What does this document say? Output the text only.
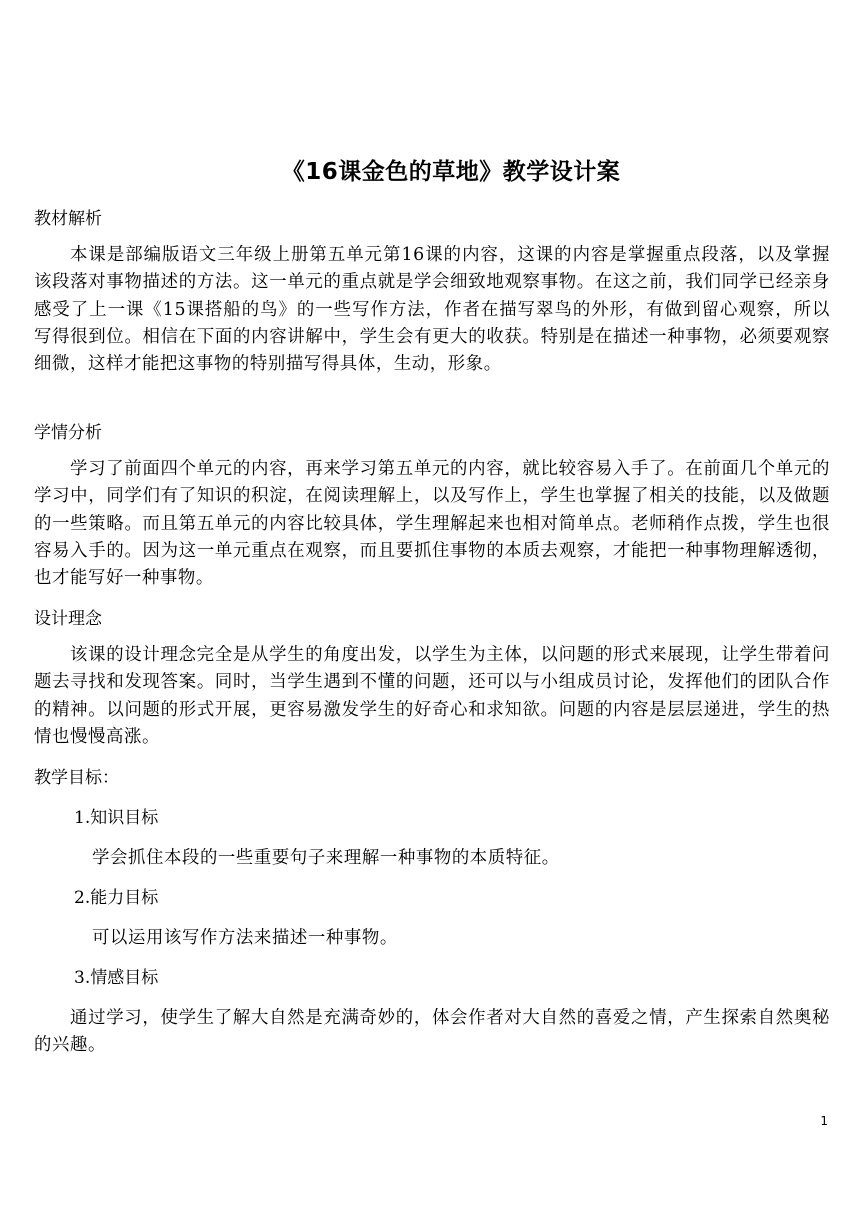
《16课金色的草地》教学设计案

教材解析

本课是部编版语文三年级上册第五单元第16课的内容，这课的内容是掌握重点段落，以及掌握该段落对事物描述的方法。这一单元的重点就是学会细致地观察事物。在这之前，我们同学已经亲身感受了上一课《15课搭船的鸟》的一些写作方法，作者在描写翠鸟的外形，有做到留心观察，所以写得很到位。相信在下面的内容讲解中，学生会有更大的收获。特别是在描述一种事物，必须要观察细微，这样才能把这事物的特别描写得具体，生动，形象。

学情分析

学习了前面四个单元的内容，再来学习第五单元的内容，就比较容易入手了。在前面几个单元的学习中，同学们有了知识的积淀，在阅读理解上，以及写作上，学生也掌握了相关的技能，以及做题的一些策略。而且第五单元的内容比较具体，学生理解起来也相对简单点。老师稍作点拨，学生也很容易入手的。因为这一单元重点在观察，而且要抓住事物的本质去观察，才能把一种事物理解透彻，也才能写好一种事物。

设计理念

该课的设计理念完全是从学生的角度出发，以学生为主体，以问题的形式来展现，让学生带着问题去寻找和发现答案。同时，当学生遇到不懂的问题，还可以与小组成员讨论，发挥他们的团队合作的精神。以问题的形式开展，更容易激发学生的好奇心和求知欲。问题的内容是层层递进，学生的热情也慢慢高涨。

教学目标：

1.知识目标

学会抓住本段的一些重要句子来理解一种事物的本质特征。

2.能力目标

可以运用该写作方法来描述一种事物。

3.情感目标

通过学习，使学生了解大自然是充满奇妙的，体会作者对大自然的喜爱之情，产生探索自然奥秘的兴趣。

1
